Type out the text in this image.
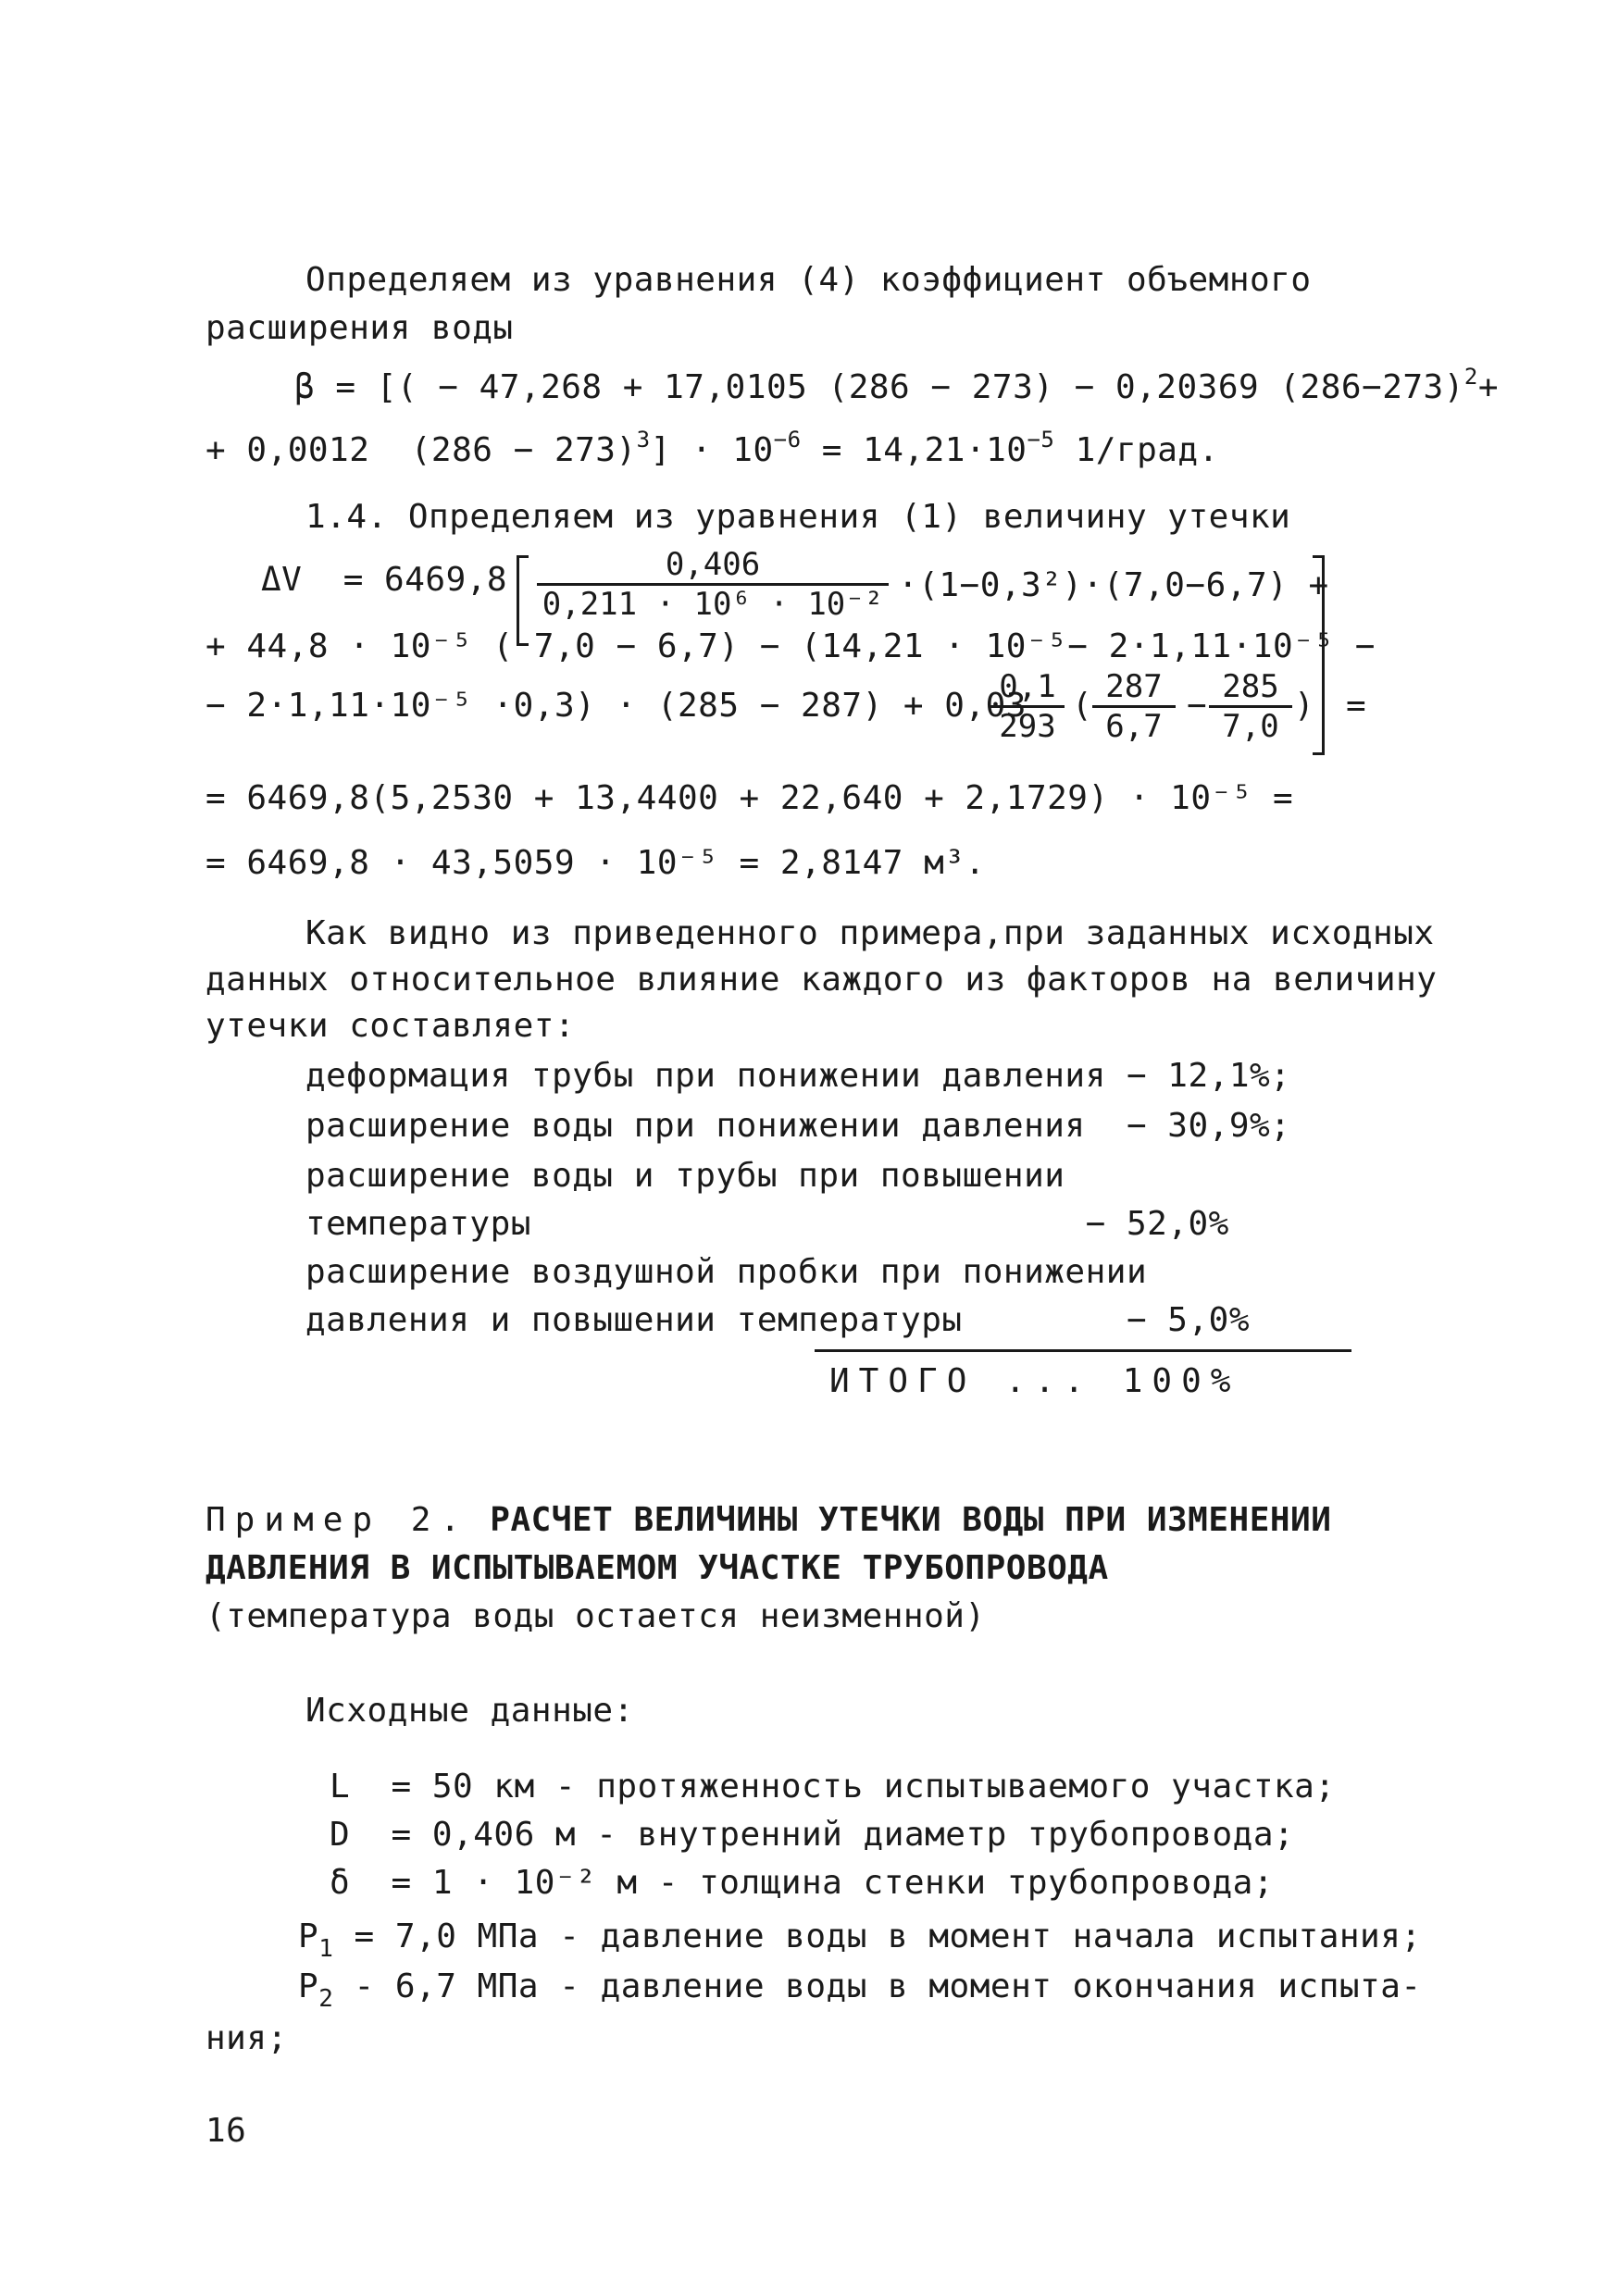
Определяем из уравнения (4) коэффициент объемного
расширения воды
β = [( − 47,268 + 17,0105 (286 − 273) − 0,20369 $(286-273)^2+$
+ 0,0012  $(286 - 273)^3] \cdot 10^{-6} = 14,21\cdot 10^{-5}$ 1/град.
1.4. Определяем из уравнения (1) величину утечки
$\Delta V = 6469,8 \frac{0,406}{\text{0,211 · 10⁶ · 10⁻²}} \cdot(1-0,3^2)\cdot(7,0-6,7)$ +
+ 44,8 · 10⁻⁵ ( 7,0 − 6,7) − (14,21 · 10⁻⁵− 2·1,11·10⁻⁵ −
− 2·1,11·10⁻⁵ ·0,3) · (285 − 287) + 0,03
$\frac{0,1}{293}$ ( $\frac{287}{6,7} - \frac{285}{7,0}$ ) =
= 6469,8(5,2530 + 13,4400 + 22,640 + 2,1729) · 10⁻⁵ =
= 6469,8 · 43,5059 · 10⁻⁵ = 2,8147 м³.
Как видно из приведенного примера,при заданных исходных
данных относительное влияние каждого из факторов на величину
утечки составляет:
деформация трубы при понижении давления − 12,1%;
расширение воды при понижении давления  − 30,9%;
расширение воды и трубы при повышении
температуры                           − 52,0%
расширение воздушной пробки при понижении
давления и повышении температуры        − 5,0%
ИТОГО ... 100%
Пример 2. РАСЧЕТ ВЕЛИЧИНЫ УТЕЧКИ ВОДЫ ПРИ ИЗМЕНЕНИИ
ДАВЛЕНИЯ В ИСПЫТЫВАЕМОМ УЧАСТКЕ ТРУБОПРОВОДА
(температура воды остается неизменной)
Исходные данные:
L  = 50 км - протяженность испытываемого участка;
D  = 0,406 м - внутренний диаметр трубопровода;
δ  = 1 · 10⁻² м - толщина стенки трубопровода;
$P_1 = 7,0$ МПа - давление воды в момент начала испытания;
$P_2 - 6,7$ МПа - давление воды в момент окончания испыта-
ния;
16
